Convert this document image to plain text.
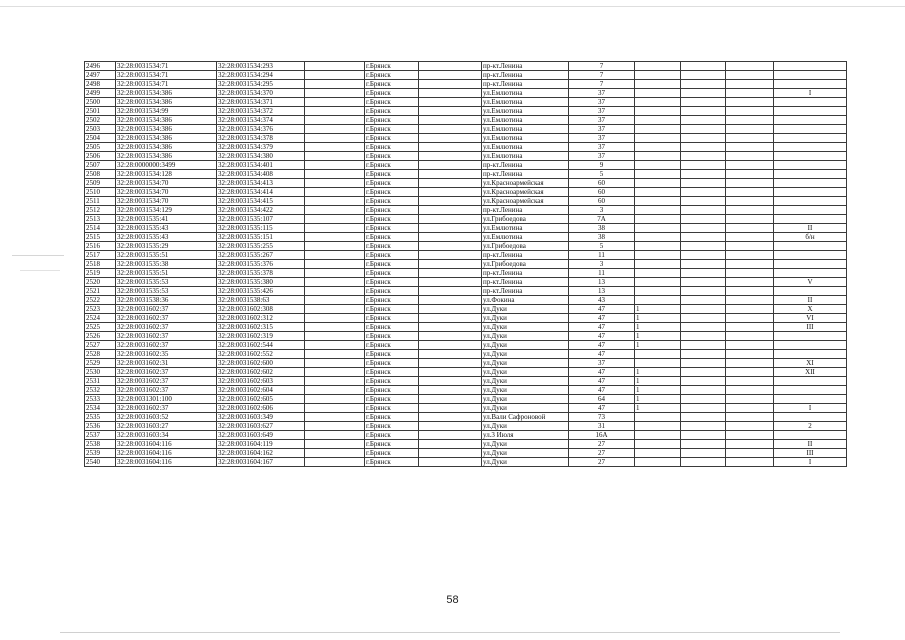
2496	32:28:0031534:71	32:28:0031534:293		г.Брянск		пр-кт.Ленина	7				
2497	32:28:0031534:71	32:28:0031534:294		г.Брянск		пр-кт.Ленина	7				
2498	32:28:0031534:71	32:28:0031534:295		г.Брянск		пр-кт.Ленина	7				
2499	32:28:0031534:386	32:28:0031534:370		г.Брянск		ул.Емлютина	37				I
2500	32:28:0031534:386	32:28:0031534:371		г.Брянск		ул.Емлютина	37				
2501	32:28:0031534:99	32:28:0031534:372		г.Брянск		ул.Емлютина	37				
2502	32:28:0031534:386	32:28:0031534:374		г.Брянск		ул.Емлютина	37				
2503	32:28:0031534:386	32:28:0031534:376		г.Брянск		ул.Емлютина	37				
2504	32:28:0031534:386	32:28:0031534:378		г.Брянск		ул.Емлютина	37				
2505	32:28:0031534:386	32:28:0031534:379		г.Брянск		ул.Емлютина	37				
2506	32:28:0031534:386	32:28:0031534:380		г.Брянск		ул.Емлютина	37				
2507	32:28:0000000:3499	32:28:0031534:401		г.Брянск		пр-кт.Ленина	9				
2508	32:28:0031534:128	32:28:0031534:408		г.Брянск		пр-кт.Ленина	5				
2509	32:28:0031534:70	32:28:0031534:413		г.Брянск		ул.Красноармейская	60				
2510	32:28:0031534:70	32:28:0031534:414		г.Брянск		ул.Красноармейская	60				
2511	32:28:0031534:70	32:28:0031534:415		г.Брянск		ул.Красноармейская	60				
2512	32:28:0031534:129	32:28:0031534:422		г.Брянск		пр-кт.Ленина	3				
2513	32:28:0031535:41	32:28:0031535:107		г.Брянск		ул.Грибоедова	7А				
2514	32:28:0031535:43	32:28:0031535:115		г.Брянск		ул.Емлютина	38				II
2515	32:28:0031535:43	32:28:0031535:151		г.Брянск		ул.Емлютина	38				б/н
2516	32:28:0031535:29	32:28:0031535:255		г.Брянск		ул.Грибоедова	5				
2517	32:28:0031535:51	32:28:0031535:267		г.Брянск		пр-кт.Ленина	11				
2518	32:28:0031535:38	32:28:0031535:376		г.Брянск		ул.Грибоедова	3				
2519	32:28:0031535:51	32:28:0031535:378		г.Брянск		пр-кт.Ленина	11				
2520	32:28:0031535:53	32:28:0031535:380		г.Брянск		пр-кт.Ленина	13				V
2521	32:28:0031535:53	32:28:0031535:426		г.Брянск		пр-кт.Ленина	13				
2522	32:28:0031538:36	32:28:0031538:63		г.Брянск		ул.Фокина	43				II
2523	32:28:0031602:37	32:28:0031602:308		г.Брянск		ул.Дуки	47	1			X
2524	32:28:0031602:37	32:28:0031602:312		г.Брянск		ул.Дуки	47	1			VI
2525	32:28:0031602:37	32:28:0031602:315		г.Брянск		ул.Дуки	47	1			III
2526	32:28:0031602:37	32:28:0031602:319		г.Брянск		ул.Дуки	47	1			
2527	32:28:0031602:37	32:28:0031602:544		г.Брянск		ул.Дуки	47	1			
2528	32:28:0031602:35	32:28:0031602:552		г.Брянск		ул.Дуки	47				
2529	32:28:0031602:31	32:28:0031602:600		г.Брянск		ул.Дуки	37				XI
2530	32:28:0031602:37	32:28:0031602:602		г.Брянск		ул.Дуки	47	1			XII
2531	32:28:0031602:37	32:28:0031602:603		г.Брянск		ул.Дуки	47	1			
2532	32:28:0031602:37	32:28:0031602:604		г.Брянск		ул.Дуки	47	1			
2533	32:28:0031301:100	32:28:0031602:605		г.Брянск		ул.Дуки	64	1			
2534	32:28:0031602:37	32:28:0031602:606		г.Брянск		ул.Дуки	47	1			I
2535	32:28:0031603:52	32:28:0031603:349		г.Брянск		ул.Вали Сафроновой	73				
2536	32:28:0031603:27	32:28:0031603:627		г.Брянск		ул.Дуки	31				2
2537	32:28:0031603:34	32:28:0031603:649		г.Брянск		ул.3 Июля	16А				
2538	32:28:0031604:116	32:28:0031604:119		г.Брянск		ул.Дуки	27				II
2539	32:28:0031604:116	32:28:0031604:162		г.Брянск		ул.Дуки	27				III
2540	32:28:0031604:116	32:28:0031604:167		г.Брянск		ул.Дуки	27				I
58
